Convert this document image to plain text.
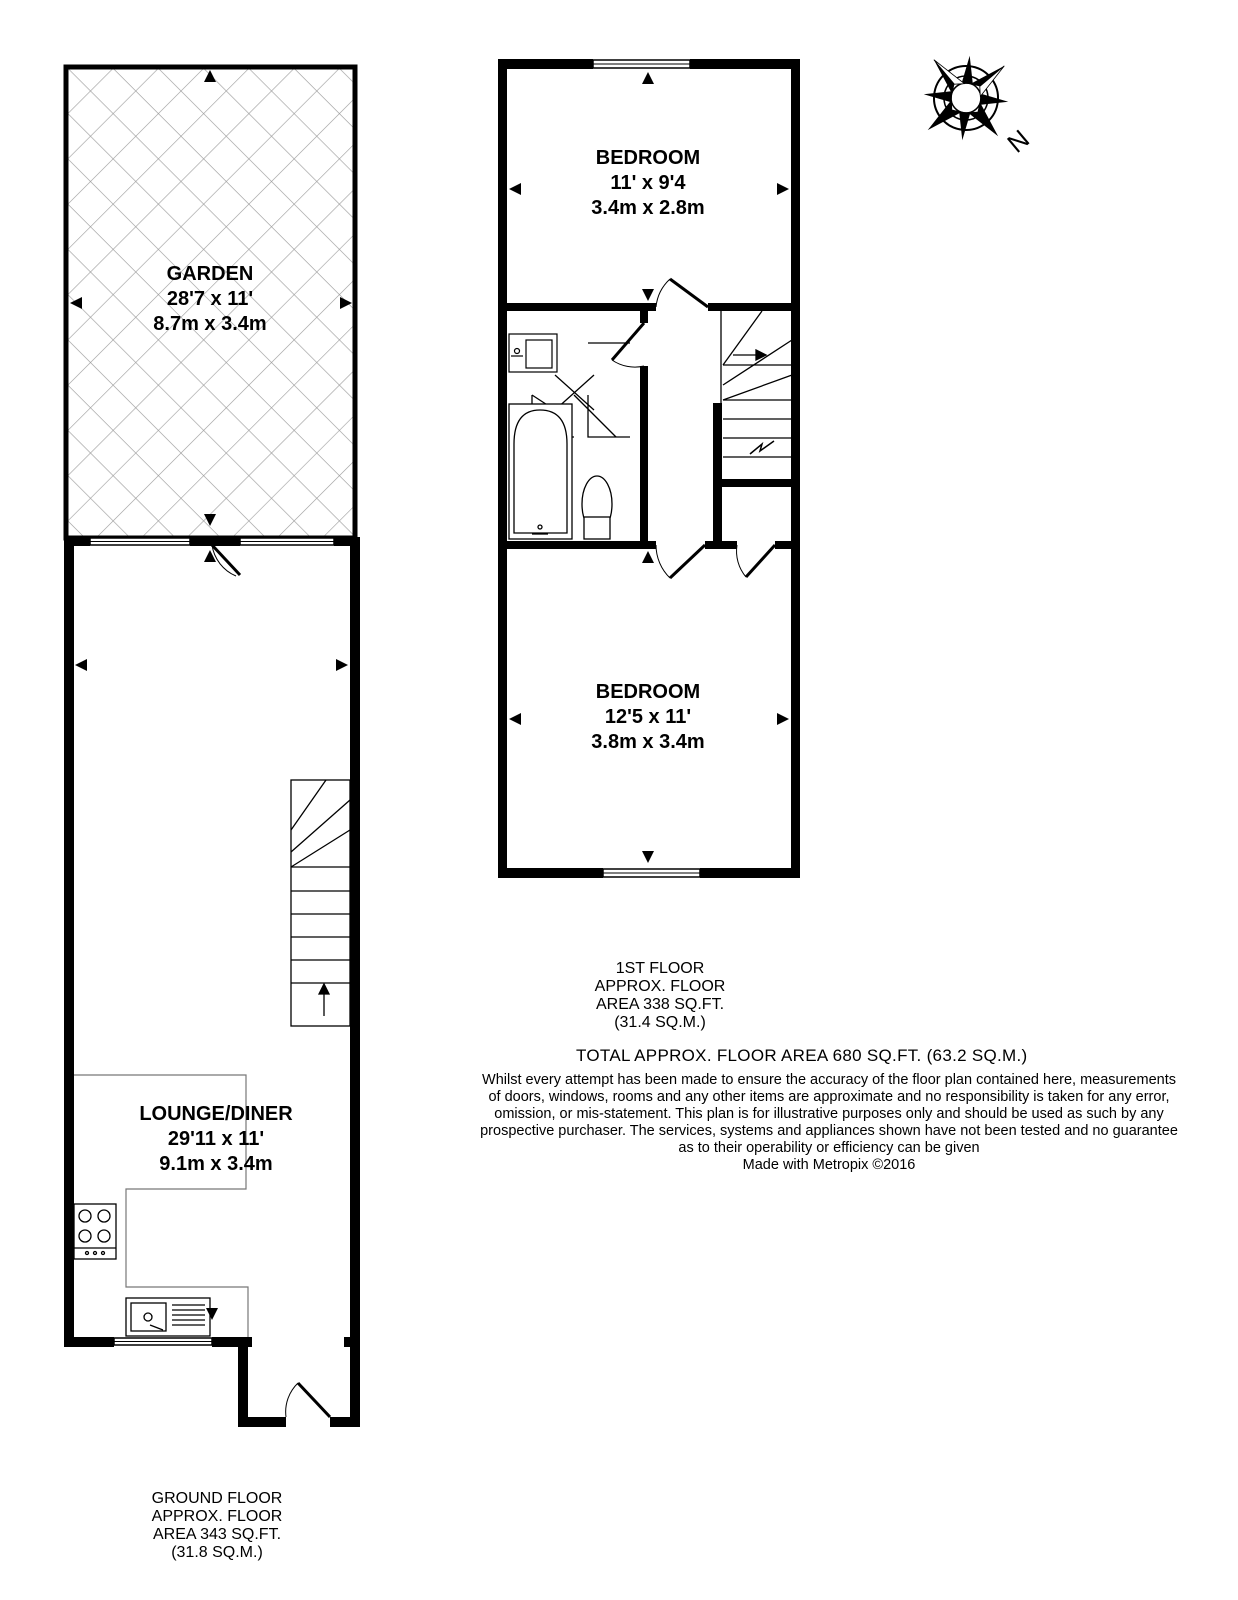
N
GARDEN
28'7 x 11'
8.7m x 3.4m
BEDROOM
11' x 9'4
3.4m x 2.8m
BEDROOM
12'5 x 11'
3.8m x 3.4m
LOUNGE/DINER
29'11 x 11'
9.1m x 3.4m
1ST FLOOR
APPROX. FLOOR
AREA 338 SQ.FT.
(31.4 SQ.M.)
GROUND FLOOR
APPROX. FLOOR
AREA 343 SQ.FT.
(31.8 SQ.M.)
TOTAL APPROX. FLOOR AREA 680 SQ.FT. (63.2 SQ.M.)
Whilst every attempt has been made to ensure the accuracy of the floor plan contained here, measurements
of doors, windows, rooms and any other items are approximate and no responsibility is taken for any error,
omission, or mis-statement. This plan is for illustrative purposes only and should be used as such by any
prospective purchaser. The services, systems and appliances shown have not been tested and no guarantee
as to their operability or efficiency can be given
Made with Metropix ©2016
